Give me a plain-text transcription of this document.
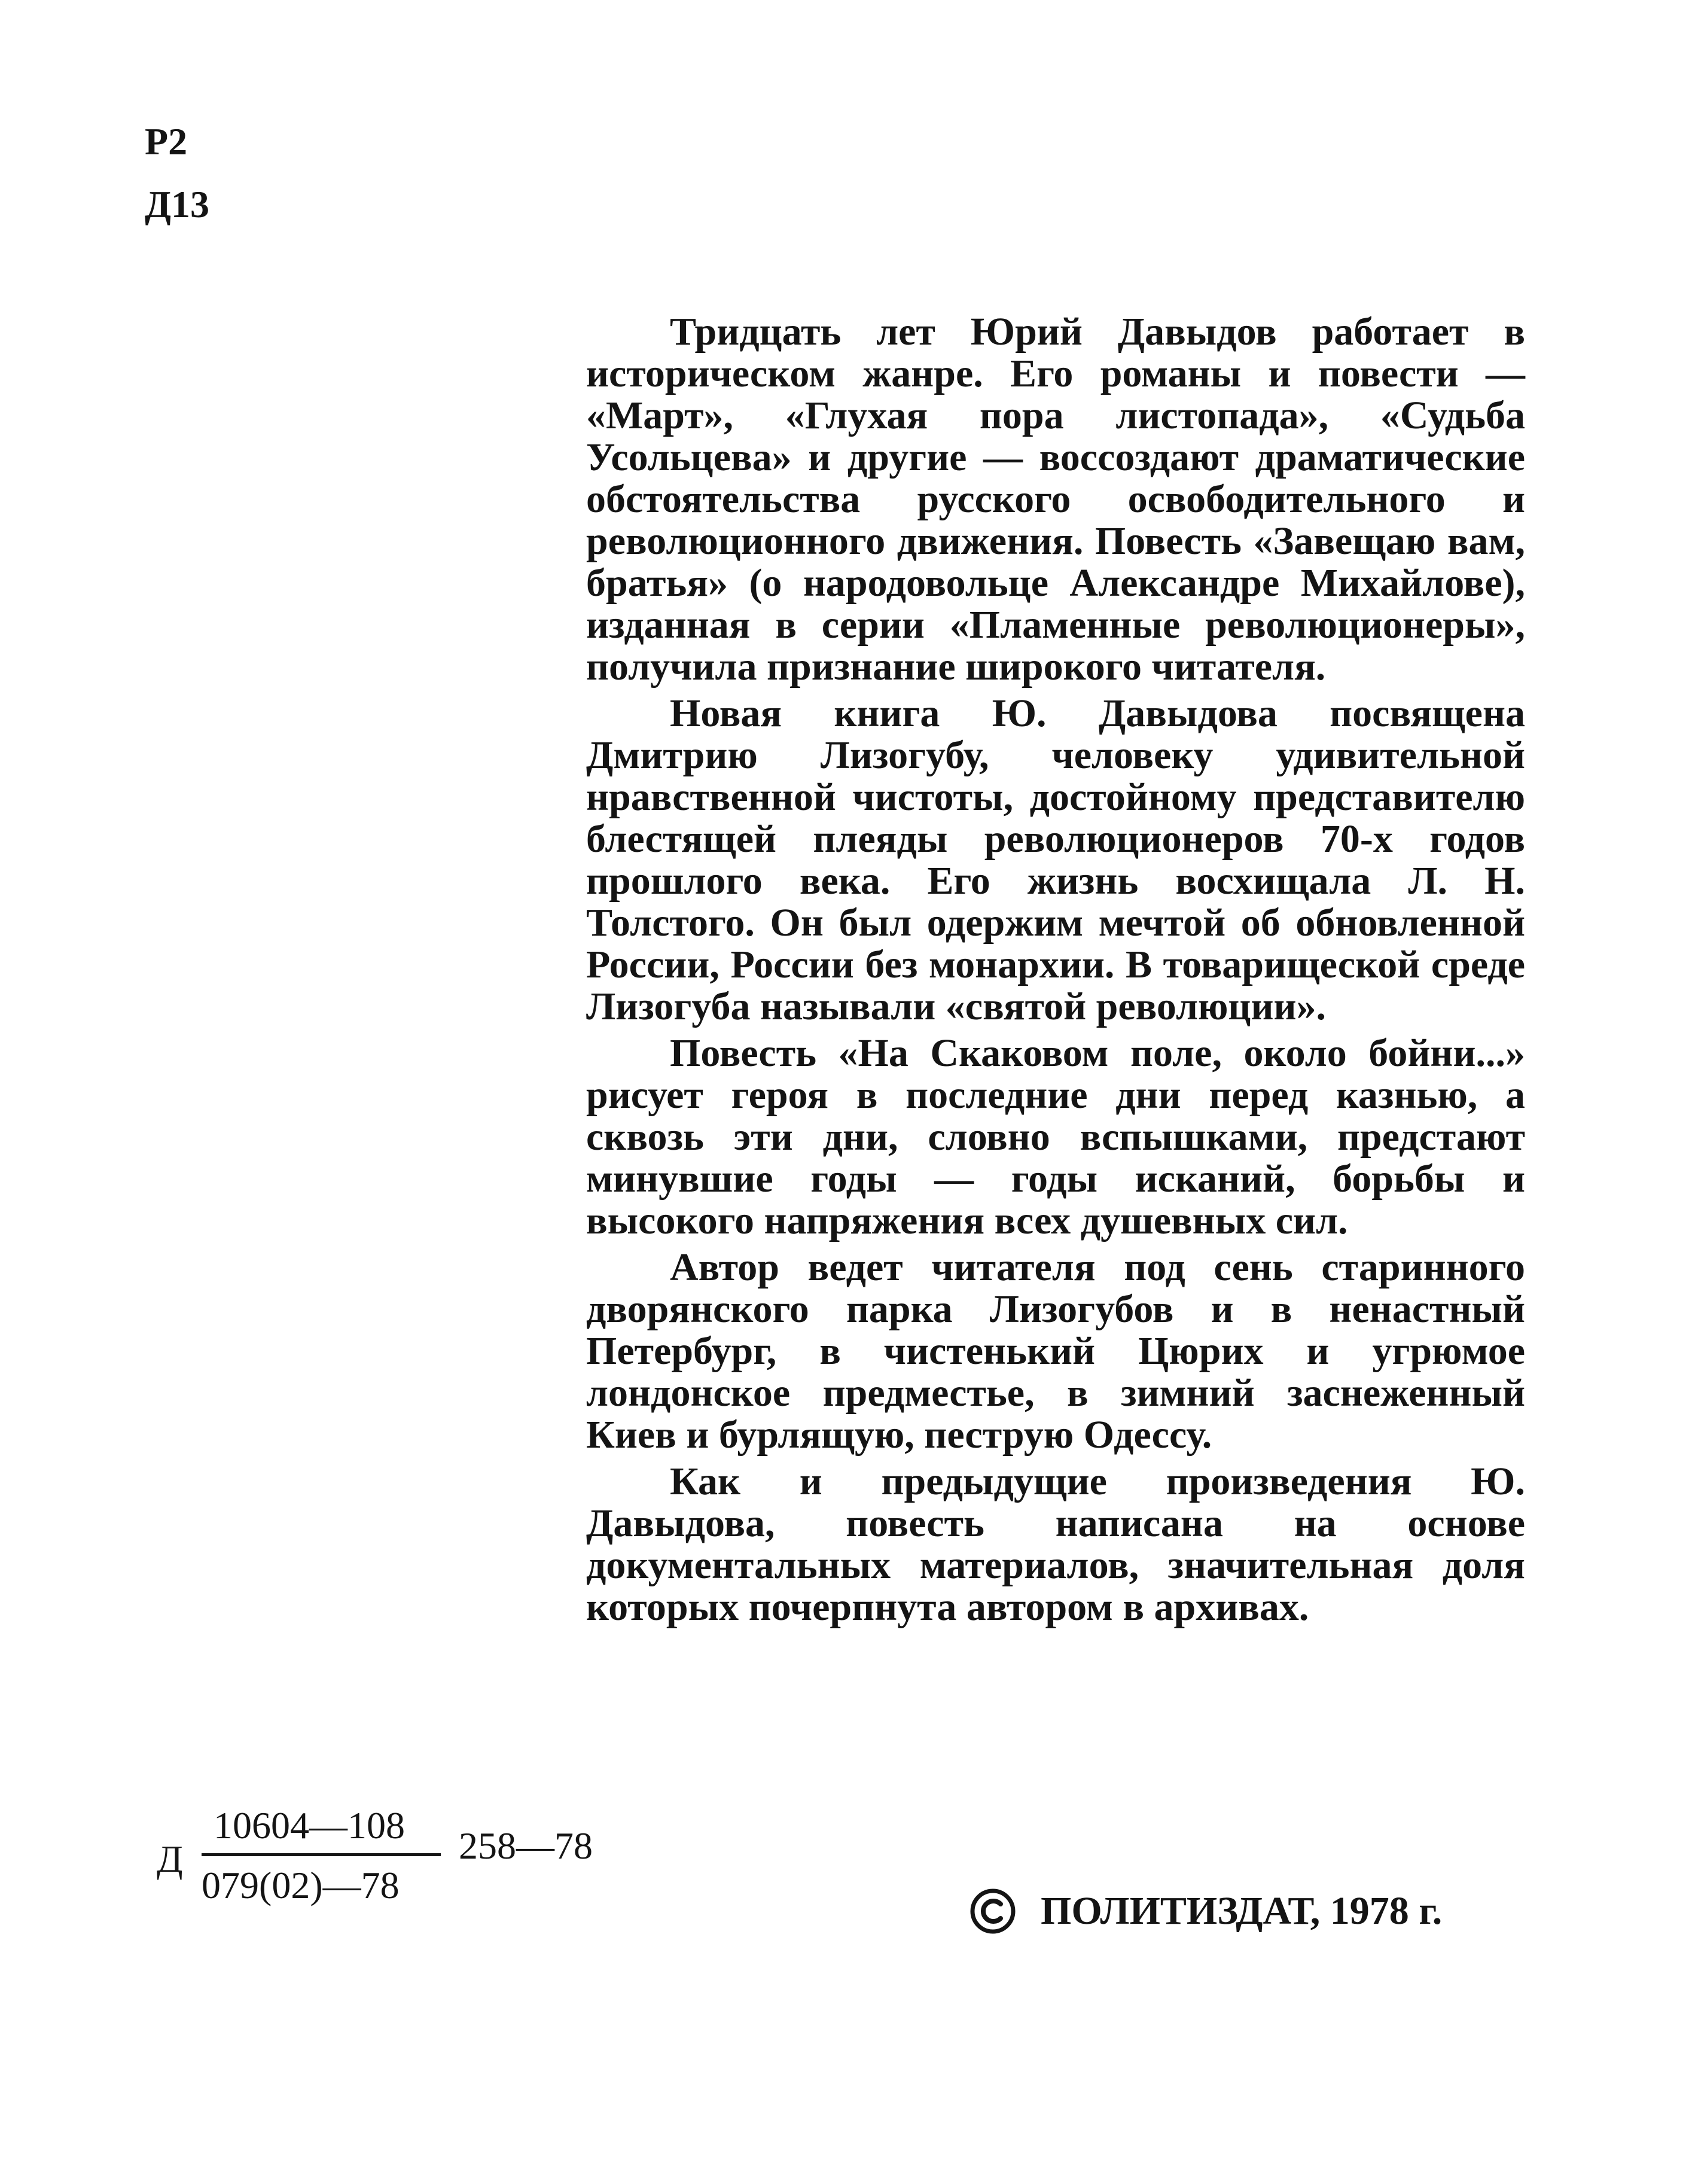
Р2
Д13

Тридцать лет Юрий Давыдов работает в историческом жанре. Его романы и повести — «Март», «Глухая пора листопада», «Судьба Усольцева» и другие — воссоздают драматические обстоятельства русского освободительного и революционного движения. Повесть «Завещаю вам, братья» (о народовольце Александре Михайлове), изданная в серии «Пламенные революционеры», получила признание широкого читателя.

Новая книга Ю. Давыдова посвящена Дмитрию Лизогубу, человеку удивительной нравственной чистоты, достойному представителю блестящей плеяды революционеров 70-х годов прошлого века. Его жизнь восхищала Л. Н. Толстого. Он был одержим мечтой об обновленной России, России без монархии. В товарищеской среде Лизогуба называли «святой революции».

Повесть «На Скаковом поле, около бойни...» рисует героя в последние дни перед казнью, а сквозь эти дни, словно вспышками, предстают минувшие годы — годы исканий, борьбы и высокого напряжения всех душевных сил.

Автор ведет читателя под сень старинного дворянского парка Лизогубов и в ненастный Петербург, в чистенький Цюрих и угрюмое лондонское предместье, в зимний заснеженный Киев и бурлящую, пеструю Одессу.

Как и предыдущие произведения Ю. Давыдова, повесть написана на основе документальных материалов, значительная доля которых почерпнута автором в архивах.

Д
10604—108
079(02)—78
258—78
ПОЛИТИЗДАТ, 1978 г.
